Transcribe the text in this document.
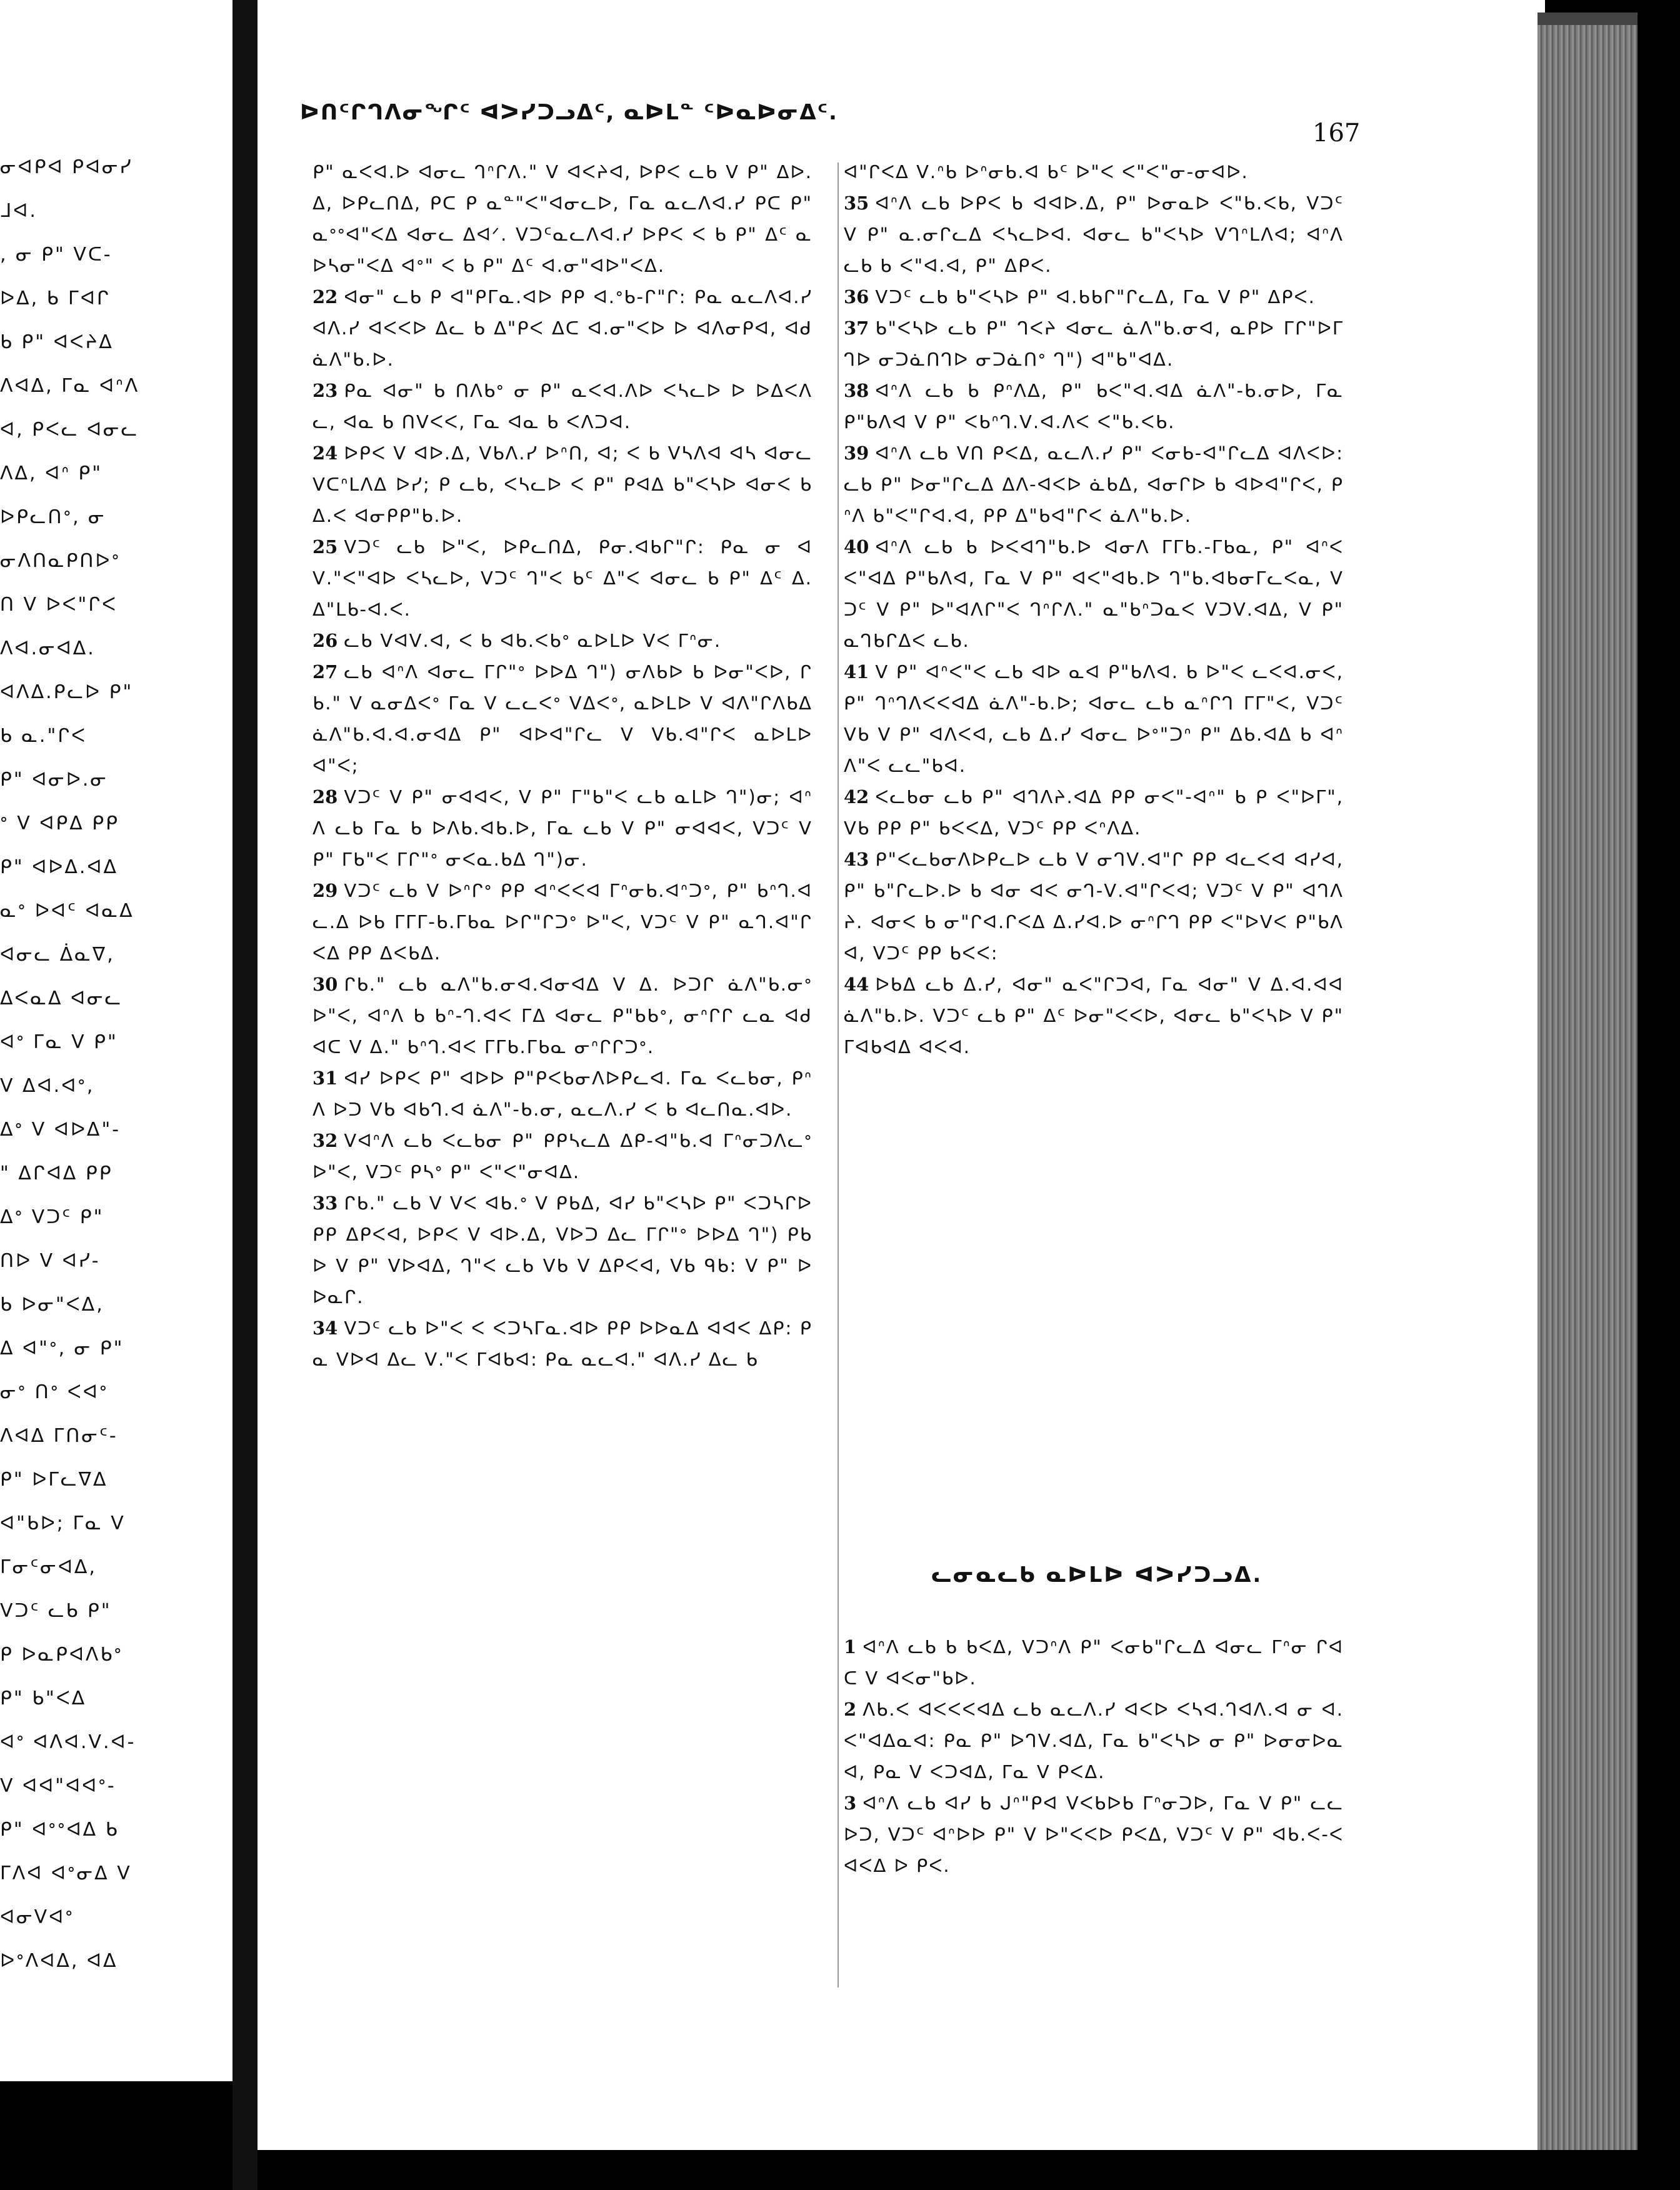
ᓂᐊᑭᐊ ᑭᐊᓂᓯ
ᒧᐊ.
, ᓂ ᑭ" ᐯᑕ-
ᐅᐃ, ᑲ ᒥᐊᒋ
ᑲ ᑭ" ᐊᐸᔨᐃ
ᐱᐊᐃ, ᒥᓇ ᐊᐢᐱ
ᐊ, ᑭᐸᓚ ᐊᓂᓚ
ᐱᐃ, ᐊᐢ ᑭ"
ᐅᑭᓚᑎᐤ, ᓂ
ᓂᐱᑎᓇᑭᑎᐅᐤ
ᑎ ᐯ ᐅᐸ"ᒋᐸ
ᐱᐊ.ᓂᐊᐃ.
ᐊᐱᐃ.ᑭᓚᐅ ᑭ"
ᑲ ᓇ."ᒋᐸ
ᑭ" ᐊᓂᐅ.ᓂ
ᐤ ᐯ ᐊᑭᐃ ᑭᑭ
ᑭ" ᐊᐅᐃ.ᐊᐃ
ᓇᐤ ᐅᐊᑦ ᐊᓇᐃ
ᐊᓂᓚ ᐄᓇᐁ,
ᐃᐸᓇᐃ ᐊᓂᓚ
ᐊᐤ ᒥᓇ ᐯ ᑭ"
ᐯ ᐃᐊ.ᐊᐤ,
ᐃᐤ ᐯ ᐊᐅᐃ"-
" ᐃᒋᐊᐃ ᑭᑭ
ᐃᐤ ᐯᑐᑦ ᑭ"
ᑎᐅ ᐯ ᐊᓯ-
ᑲ ᐅᓂ"ᐸᐃ,
ᐃ ᐊ"ᐤ, ᓂ ᑭ"
ᓂᐤ ᑎᐤ ᐸᐊᐤ
ᐱᐊᐃ ᒥᑎᓂᑦ-
ᑭ" ᐅᒥᓚᐁᐃ
ᐊ"ᑲᐅ; ᒥᓇ ᐯ
ᒥᓂᑦᓂᐊᐃ,
ᐯᑐᑦ ᓚᑲ ᑭ"
ᑭ ᐅᓇᑭᐊᐱᑲᐤ
ᑭ" ᑲ"ᐸᐃ
ᐊᐤ ᐊᐱᐊ.ᐯ.ᐊ-
ᐯ ᐊᐊ"ᐊᐊᐤ-
ᑭ" ᐊᐤᐤᐊᐃ ᑲ
ᒥᐱᐊ ᐊᐤᓂᐃ ᐯ
ᐊᓂᐯᐊᐤ
ᐅᐤᐱᐊᐃ, ᐊᐃ
ᐅᑎᑦᒋᒉᐱᓂᖏᑦ ᐊᐳᓯᑐᓗᐃᑦ, ᓇᐅᒪᓐ ᑦᐅᓇᐅᓂᐃᑦ.
167

ᑭ" ᓇᐸᐊ.ᐅ ᐊᓂᓚ ᒉᐢᒋᐱ." ᐯ ᐊᐸᔨᐊ, ᐅᑭᐸ ᓚᑲ ᐯ ᑭ" ᐃᐅ.ᐃ, ᐅᑭᓚᑎᐃ, ᑭᑕ ᑭ ᓇᓐ"ᐸ"ᐊᓂᓚᐅ, ᒥᓇ ᓇᓚᐱᐊ.ᓯ ᑭᑕ ᑭ" ᓇᐤᐤᐊ"ᐸᐃ ᐊᓂᓚ ᐃᐊᐟ. ᐯᑐᑦᓇᓚᐱᐊ.ᓯ ᐅᑭᐸ ᐸ ᑲ ᑭ" ᐃᑦ ᓇᐅᓴᓂ"ᐸᐃ ᐊᐤ" ᐸ ᑲ ᑭ" ᐃᑦ ᐊ.ᓂ"ᐊᐅ"ᐸᐃ.

22 ᐊᓂ" ᓚᑲ ᑭ ᐊ"ᑭᒥᓇ.ᐊᐅ ᑭᑭ ᐊ.ᐤᑲ-ᒋ"ᒋ: ᑭᓇ ᓇᓚᐱᐊ.ᓯ ᐊᐱ.ᓯ ᐊᐸᐸᐅ ᐃᓚ ᑲ ᐃ"ᑭᐸ ᐃᑕ ᐊ.ᓂ"ᐸᐅ ᐅ ᐊᐱᓂᑭᐊ, ᐊᑯ ᓈᐱ"ᑲ.ᐅ.

23 ᑭᓇ ᐊᓂ" ᑲ ᑎᐱᑲᐤ ᓂ ᑭ" ᓇᐸᐊ.ᐱᐅ ᐸᓴᓚᐅ ᐅ ᐅᐃᐸᐱᓚ, ᐊᓇ ᑲ ᑎᐯᐸᐸ, ᒥᓇ ᐊᓇ ᑲ ᐸᐱᑐᐊ.

24 ᐅᑭᐸ ᐯ ᐊᐅ.ᐃ, ᐯᑲᐱ.ᓯ ᐅᐢᑎ, ᐊ; ᐸ ᑲ ᐯᓴᐱᐊ ᐊᓴ ᐊᓂᓚ ᐯᑕᐢᒪᐱᐃ ᐅᓯ; ᑭ ᓚᑲ, ᐸᓴᓚᐅ ᐸ ᑭ" ᑭᐊᐃ ᑲ"ᐸᓴᐅ ᐊᓂᐸ ᑲ ᐃ.ᐸ ᐊᓂᑭᑭ"ᑲ.ᐅ.

25 ᐯᑐᑦ ᓚᑲ ᐅ"ᐸ, ᐅᑭᓚᑎᐃ, ᑭᓂ.ᐊᑲᒋ"ᒋ: ᑭᓇ ᓂ ᐊᐯ."ᐸ"ᐊᐅ ᐸᓴᓚᐅ, ᐯᑐᑦ ᒉ"ᐸ ᑲᑦ ᐃ"ᐸ ᐊᓂᓚ ᑲ ᑭ" ᐃᑦ ᐃ.ᐃ"ᒪᑲ-ᐊ.ᐸ.

26 ᓚᑲ ᐯᐊᐯ.ᐊ, ᐸ ᑲ ᐊᑲ.ᐸᑲᐤ ᓇᐅᒪᐅ ᐯᐸ ᒥᐢᓂ.

27 ᓚᑲ ᐊᐢᐱ ᐊᓂᓚ ᒥᒋ"ᐤ ᐅᐅᐃ ᒉ") ᓂᐱᑲᐅ ᑲ ᐅᓂ"ᐸᐅ, ᒋᑲ." ᐯ ᓇᓂᐃᐸᐤ ᒥᓇ ᐯ ᓚᓚᐸᐤ ᐯᐃᐸᐤ, ᓇᐅᒪᐅ ᐯ ᐊᐱ"ᒋᐱᑲᐃ ᓈᐱ"ᑲ.ᐊ.ᐊ.ᓂᐊᐃ ᑭ" ᐊᐅᐊ"ᒋᓚ ᐯ ᐯᑲ.ᐊ"ᒋᐸ ᓇᐅᒪᐅ ᐊ"ᐸ;

28 ᐯᑐᑦ ᐯ ᑭ" ᓂᐊᐊᐸ, ᐯ ᑭ" ᒥ"ᑲ"ᐸ ᓚᑲ ᓇᒪᐅ ᒉ")ᓂ; ᐊᐢᐱ ᓚᑲ ᒥᓇ ᑲ ᐅᐱᑲ.ᐊᑲ.ᐅ, ᒥᓇ ᓚᑲ ᐯ ᑭ" ᓂᐊᐊᐸ, ᐯᑐᑦ ᐯ ᑭ" ᒥᑲ"ᐸ ᒥᒋ"ᐤ ᓂᐸᓇ.ᑲᐃ ᒉ")ᓂ.

29 ᐯᑐᑦ ᓚᑲ ᐯ ᐅᐢᒋᐤ ᑭᑭ ᐊᐢᐸᐸᐊ ᒥᐢᓂᑲ.ᐊᐢᑐᐤ, ᑭ" ᑲᐢᒉ.ᐊᓚ.ᐃ ᐅᑲ ᒥᒥᒥ-ᑲ.ᒥᑲᓇ ᐅᒋ"ᒋᑐᐤ ᐅ"ᐸ, ᐯᑐᑦ ᐯ ᑭ" ᓇᒉ.ᐊ"ᒋ ᐸᐃ ᑭᑭ ᐃᐸᑲᐃ.

30 ᒋᑲ." ᓚᑲ ᓇᐱ"ᑲ.ᓂᐊ.ᐊᓂᐊᐃ ᐯ ᐃ. ᐅᑐᒋ ᓈᐱ"ᑲ.ᓂᐤ ᐅ"ᐸ, ᐊᐢᐱ ᑲ ᑲᐢ-ᒉ.ᐊᐸ ᒥᐃ ᐊᓂᓚ ᑭ"ᑲᑲᐤ, ᓂᐢᒋᒋ ᓚᓇ ᐊᑯ ᐊᑕ ᐯ ᐃ." ᑲᐢᒉ.ᐊᐸ ᒥᒥᑲ.ᒥᑲᓇ ᓂᐢᒋᒋᑐᐤ.

31 ᐊᓯ ᐅᑭᐸ ᑭ" ᐊᐅᐅ ᑭ"ᑭᐸᑲᓂᐱᐅᑭᓚᐊ. ᒥᓇ ᐸᓚᑲᓂ, ᑭᐢᐱ ᐅᑐ ᐯᑲ ᐊᑲᒉ.ᐊ ᓈᐱ"-ᑲ.ᓂ, ᓇᓚᐱ.ᓯ ᐸ ᑲ ᐊᓚᑎᓇ.ᐊᐅ.

32 ᐯᐊᐢᐱ ᓚᑲ ᐸᓚᑲᓂ ᑭ" ᑭᑭᓴᓚᐃ ᐃᑭ-ᐊ"ᑲ.ᐊ ᒥᐢᓂᑐᐱᓚᐤ ᐅ"ᐸ, ᐯᑐᑦ ᑭᓴᐤ ᑭ" ᐸ"ᐸ"ᓂᐊᐃ.

33 ᒋᑲ." ᓚᑲ ᐯ ᐯᐸ ᐊᑲ.ᐤ ᐯ ᑭᑲᐃ, ᐊᓯ ᑲ"ᐸᓴᐅ ᑭ" ᐸᑐᓴᒋᐅ ᑭᑭ ᐃᑭᐸᐊ, ᐅᑭᐸ ᐯ ᐊᐅ.ᐃ, ᐯᐅᑐ ᐃᓚ ᒥᒋ"ᐤ ᐅᐅᐃ ᒉ") ᑭᑲᐅ ᐯ ᑭ" ᐯᐅᐊᐃ, ᒉ"ᐸ ᓚᑲ ᐯᑲ ᐯ ᐃᑭᐸᐊ, ᐯᑲ ᑫᑲ: ᐯ ᑭ" ᐅᐅᓇᒋ.

34 ᐯᑐᑦ ᓚᑲ ᐅ"ᐸ ᐸ ᐸᑐᓴᒥᓇ.ᐊᐅ ᑭᑭ ᐅᐅᓇᐃ ᐊᐊᐸ ᐃᑭ: ᑭᓇ ᐯᐅᐊ ᐃᓚ ᐯ."ᐸ ᒥᐊᑲᐊ: ᑭᓇ ᓇᓚᐊ." ᐊᐱ.ᓯ ᐃᓚ ᑲ

ᐊ"ᒋᐸᐃ ᐯ.ᐢᑲ ᐅᐢᓂᑲ.ᐊ ᑲᑦ ᐅ"ᐸ ᐸ"ᐸ"ᓂ-ᓂᐊᐅ.

35 ᐊᐢᐱ ᓚᑲ ᐅᑭᐸ ᑲ ᐊᐊᐅ.ᐃ, ᑭ" ᐅᓂᓇᐅ ᐸ"ᑲ.ᐸᑲ, ᐯᑐᑦ ᐯ ᑭ" ᓇ.ᓂᒋᓚᐃ ᐸᓴᓚᐅᐊ. ᐊᓂᓚ ᑲ"ᐸᓴᐅ ᐯᒉᐢᒪᐱᐊ; ᐊᐢᐱ ᓚᑲ ᑲ ᐸ"ᐊ.ᐊ, ᑭ" ᐃᑭᐸ.

36 ᐯᑐᑦ ᓚᑲ ᑲ"ᐸᓴᐅ ᑭ" ᐊ.ᑲᑲᒋ"ᒋᓚᐃ, ᒥᓇ ᐯ ᑭ" ᐃᑭᐸ.

37 ᑲ"ᐸᓴᐅ ᓚᑲ ᑭ" ᒉᐸᔨ ᐊᓂᓚ ᓈᐱ"ᑲ.ᓂᐊ, ᓇᑭᐅ ᒥᒋ"ᐅᒥᒉᐅ ᓂᑐᓈᑎᒉᐅ ᓂᑐᓈᑎᐤ ᒉ") ᐊ"ᑲ"ᐊᐃ.

38 ᐊᐢᐱ ᓚᑲ ᑲ ᑭᐢᐱᐃ, ᑭ" ᑲᐸ"ᐊ.ᐊᐃ ᓈᐱ"-ᑲ.ᓂᐅ, ᒥᓇ ᑭ"ᑲᐱᐊ ᐯ ᑭ" ᐸᑲᐢᒉ.ᐯ.ᐊ.ᐱᐸ ᐸ"ᑲ.ᐸᑲ.

39 ᐊᐢᐱ ᓚᑲ ᐯᑎ ᑭᐸᐃ, ᓇᓚᐱ.ᓯ ᑭ" ᐸᓂᑲ-ᐊ"ᒋᓚᐃ ᐊᐱᐸᐅ: ᓚᑲ ᑭ" ᐅᓂ"ᒋᓚᐃ ᐃᐱ-ᐊᐸᐅ ᓈᑲᐃ, ᐊᓂᒋᐅ ᑲ ᐊᐅᐊ"ᒋᐸ, ᑭᐢᐱ ᑲ"ᐸ"ᒋᐊ.ᐊ, ᑭᑭ ᐃ"ᑲᐊ"ᒋᐸ ᓈᐱ"ᑲ.ᐅ.

40 ᐊᐢᐱ ᓚᑲ ᑲ ᐅᐸᐊᒉ"ᑲ.ᐅ ᐊᓂᐱ ᒥᒥᑲ.-ᒥᑲᓇ, ᑭ" ᐊᐢᐸᐸ"ᐊᐃ ᑭ"ᑲᐱᐊ, ᒥᓇ ᐯ ᑭ" ᐊᐸ"ᐊᑲ.ᐅ ᒉ"ᑲ.ᐊᑲᓂᒥᓚᐸᓇ, ᐯᑐᑦ ᐯ ᑭ" ᐅ"ᐊᐱᒋ"ᐸ ᒉᐢᒋᐱ." ᓇ"ᑲᐢᑐᓇᐸ ᐯᑐᐯ.ᐊᐃ, ᐯ ᑭ" ᓇᒉᑲᒋᐃᐸ ᓚᑲ.

41 ᐯ ᑭ" ᐊᐢᐸ"ᐸ ᓚᑲ ᐊᐅ ᓇᐊ ᑭ"ᑲᐱᐊ. ᑲ ᐅ"ᐸ ᓚᐸᐊ.ᓂᐸ, ᑭ" ᒉᐢᒉᐱᐸᐸᐊᐃ ᓈᐱ"-ᑲ.ᐅ; ᐊᓂᓚ ᓚᑲ ᓇᐢᒋᒉ ᒥᒥ"ᐸ, ᐯᑐᑦ ᐯᑲ ᐯ ᑭ" ᐊᐱᐸᐊ, ᓚᑲ ᐃ.ᓯ ᐊᓂᓚ ᐅᐤ"ᑐᐢ ᑭ" ᐃᑲ.ᐊᐃ ᑲ ᐊᐢᐱ"ᐸ ᓚᓚ"ᑲᐊ.

42 ᐸᓚᑲᓂ ᓚᑲ ᑭ" ᐊᒉᐱᔨ.ᐊᐃ ᑭᑭ ᓂᐸ"-ᐊᐢ" ᑲ ᑭ ᐸ"ᐅᒥ", ᐯᑲ ᑭᑭ ᑭ" ᑲᐸᐸᐃ, ᐯᑐᑦ ᑭᑭ ᐸᐢᐱᐃ.

43 ᑭ"ᐸᓚᑲᓂᐱᐅᑭᓚᐅ ᓚᑲ ᐯ ᓂᒉᐯ.ᐊ"ᒋ ᑭᑭ ᐊᓚᐸᐊ ᐊᓯᐊ, ᑭ" ᑲ"ᒋᓚᐅ.ᐅ ᑲ ᐊᓂ ᐊᐸ ᓂᒉ-ᐯ.ᐊ"ᒋᐸᐊ; ᐯᑐᑦ ᐯ ᑭ" ᐊᒉᐱᔨ. ᐊᓂᐸ ᑲ ᓂ"ᒋᐊ.ᒋᐸᐃ ᐃ.ᓯᐊ.ᐅ ᓂᐢᒋᒉ ᑭᑭ ᐸ"ᐅᐯᐸ ᑭ"ᑲᐱᐊ, ᐯᑐᑦ ᑭᑭ ᑲᐸᐸ:

44 ᐅᑲᐃ ᓚᑲ ᐃ.ᓯ, ᐊᓂ" ᓇᐸ"ᒋᑐᐊ, ᒥᓇ ᐊᓂ" ᐯ ᐃ.ᐊ.ᐊᐊ ᓈᐱ"ᑲ.ᐅ. ᐯᑐᑦ ᓚᑲ ᑭ" ᐃᑦ ᐅᓂ"ᐸᐸᐅ, ᐊᓂᓚ ᑲ"ᐸᓴᐅ ᐯ ᑭ" ᒥᐊᑲᐊᐃ ᐊᐸᐊ.

ᓚᓂᓇᓚᑲ ᓇᐅᒪᐅ ᐊᐳᓯᑐᓗᐃ.

1 ᐊᐢᐱ ᓚᑲ ᑲ ᑲᐸᐃ, ᐯᑐᐢᐱ ᑭ" ᐸᓂᑲ"ᒋᓚᐃ ᐊᓂᓚ ᒥᐢᓂ ᒋᐊᑕ ᐯ ᐊᐸᓂ"ᑲᐅ.

2 ᐱᑲ.ᐸ ᐊᐸᐸᐸᐊᐃ ᓚᑲ ᓇᓚᐱ.ᓯ ᐊᐸᐅ ᐸᓴᐊ.ᒉᐊᐱ.ᐊ ᓂ ᐊ.ᐸ"ᐊᐃᓇᐊ: ᑭᓇ ᑭ" ᐅᒉᐯ.ᐊᐃ, ᒥᓇ ᑲ"ᐸᓴᐅ ᓂ ᑭ" ᐅᓂᓂᐅᓇᐊ, ᑭᓇ ᐯ ᐸᑐᐊᐃ, ᒥᓇ ᐯ ᑭᐸᐃ.

3 ᐊᐢᐱ ᓚᑲ ᐊᓯ ᑲ ᒍᐢ"ᑭᐊ ᐯᐸᑲᐅᑲ ᒥᐢᓂᑐᐅ, ᒥᓇ ᐯ ᑭ" ᓚᓚᐅᑐ, ᐯᑐᑦ ᐊᐢᐅᐅ ᑭ" ᐯ ᐅ"ᐸᐸᐅ ᑭᐸᐃ, ᐯᑐᑦ ᐯ ᑭ" ᐊᑲ.ᐸ-ᐸᐊᐸᐃ ᐅ ᑭᐸ.
